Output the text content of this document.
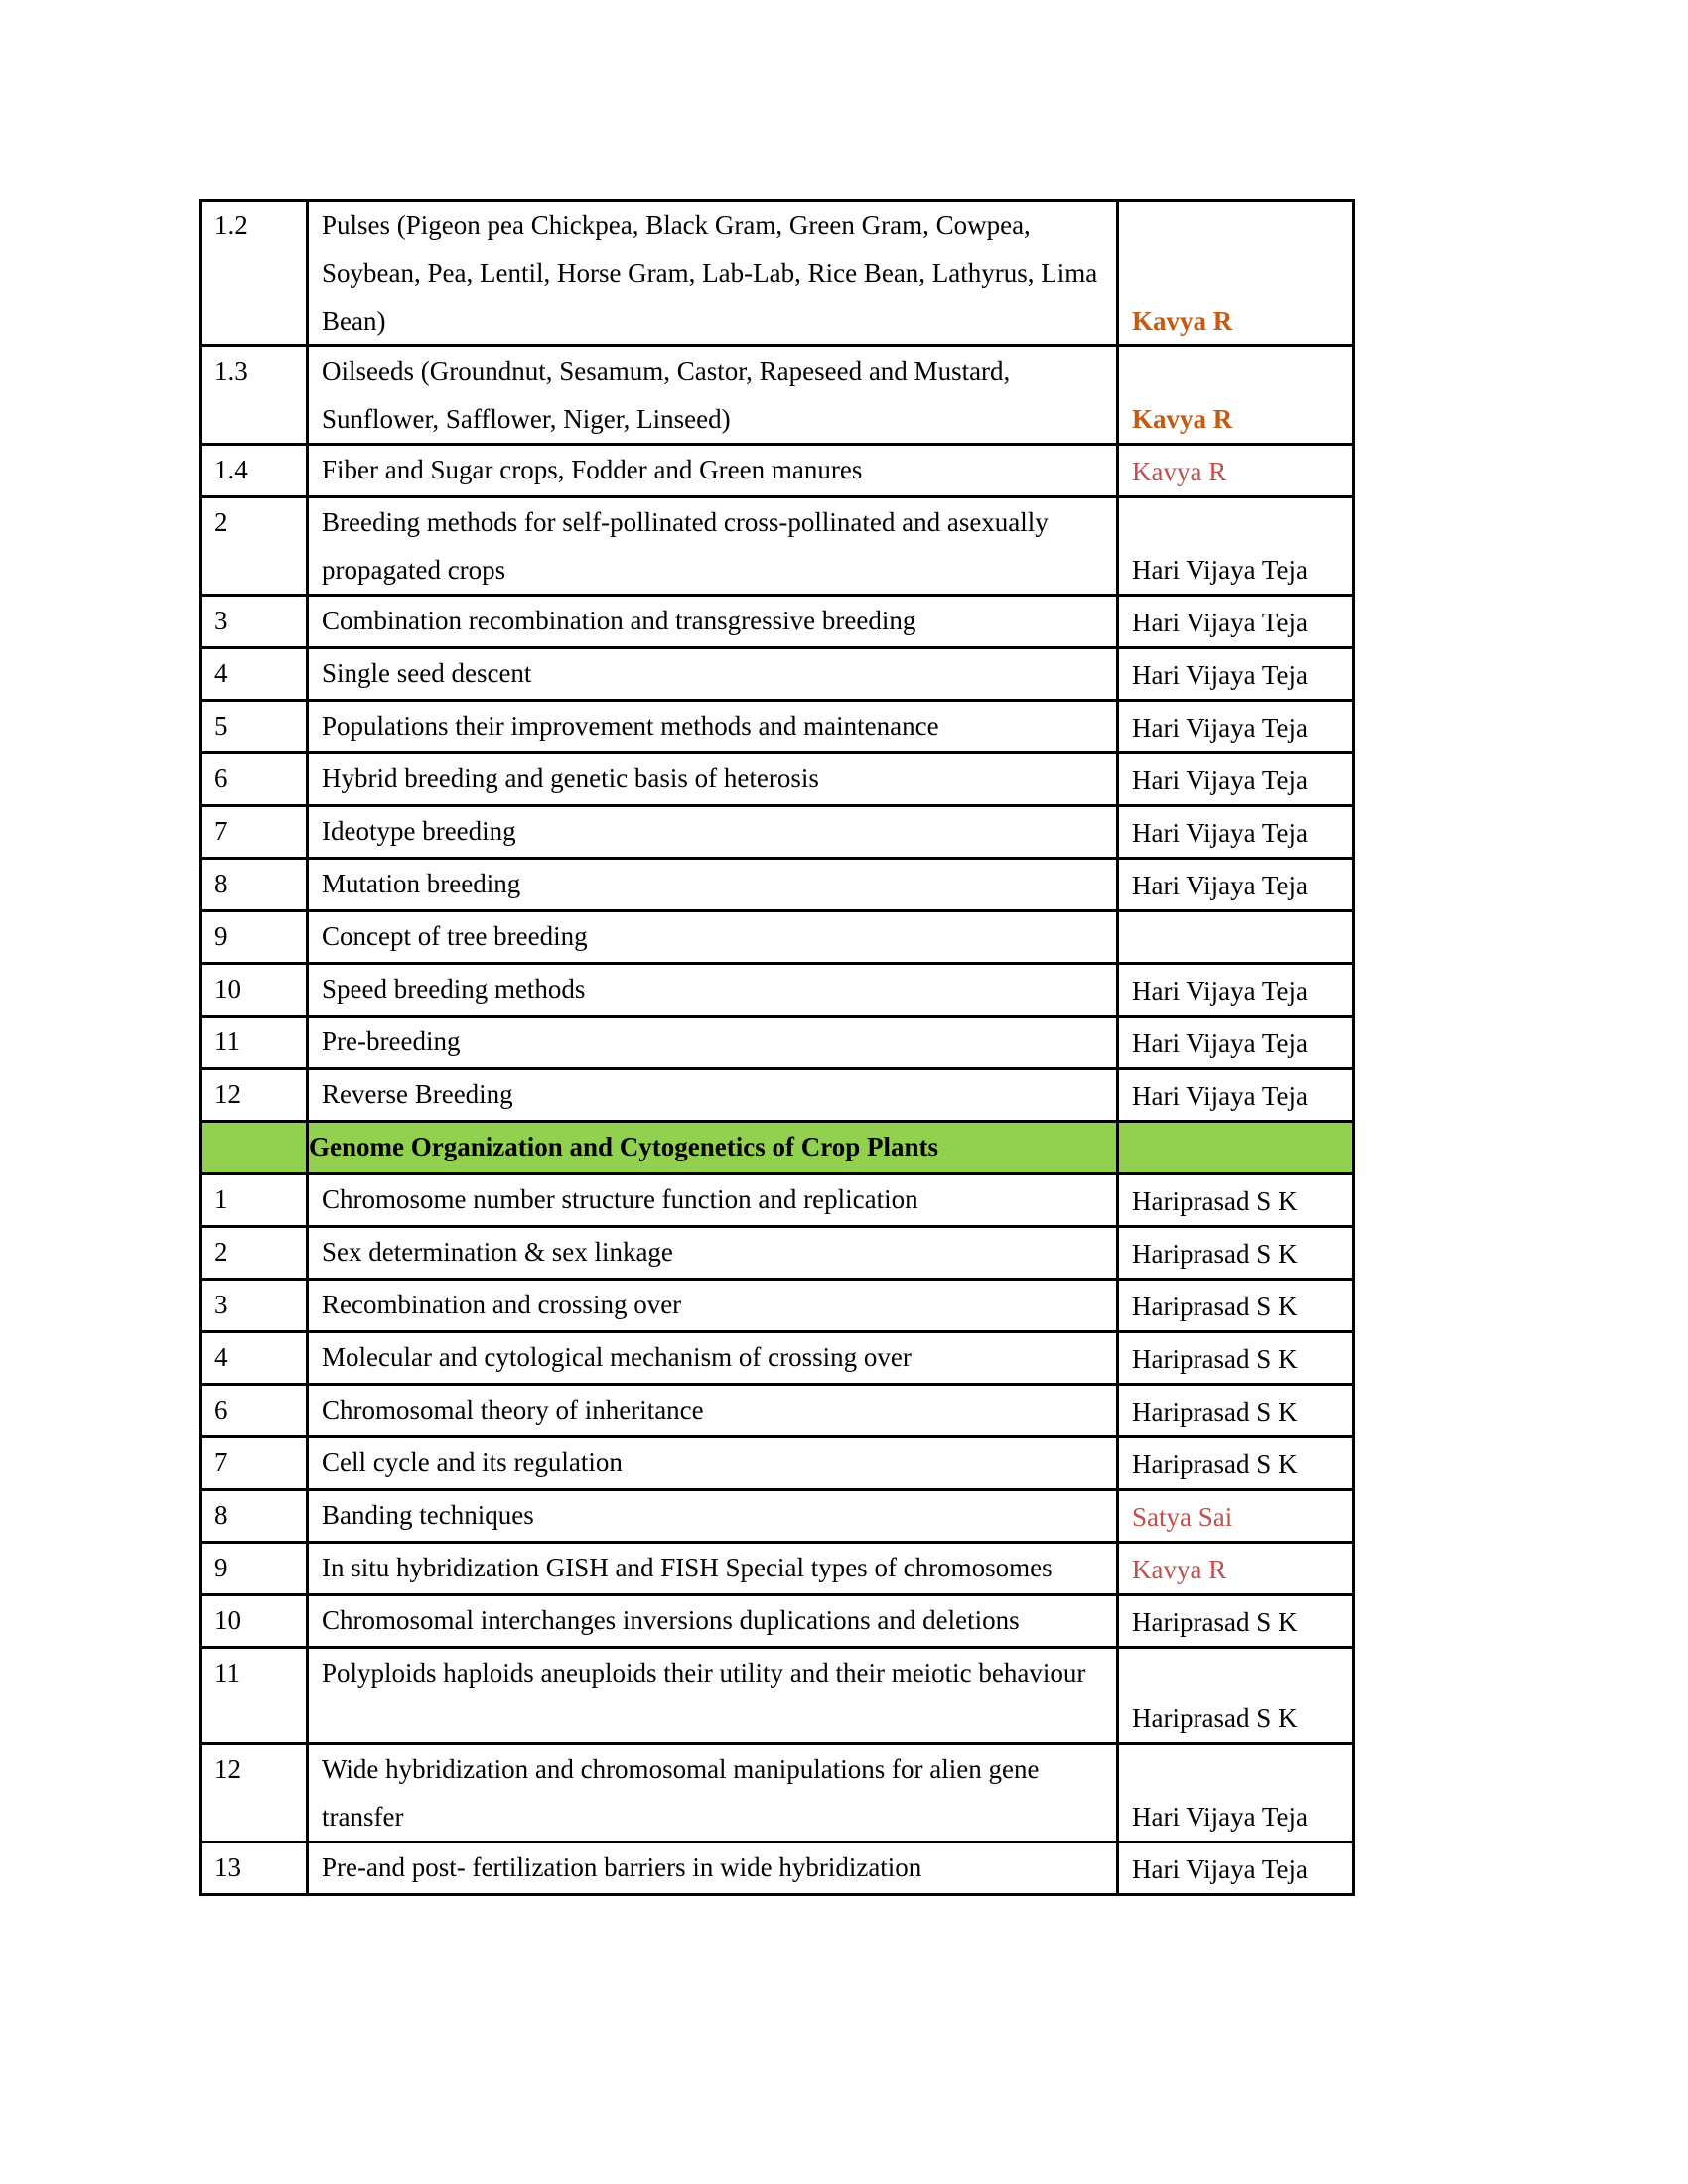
1.2	Pulses (Pigeon pea Chickpea, Black Gram, Green Gram, Cowpea, Soybean, Pea, Lentil, Horse Gram, Lab-Lab, Rice Bean, Lathyrus, Lima Bean)	Kavya R
1.3	Oilseeds (Groundnut, Sesamum, Castor, Rapeseed and Mustard, Sunflower, Safflower, Niger, Linseed)	Kavya R
1.4	Fiber and Sugar crops, Fodder and Green manures	Kavya R
2	Breeding methods for self-pollinated cross-pollinated and asexually propagated crops	Hari Vijaya Teja
3	Combination recombination and transgressive breeding	Hari Vijaya Teja
4	Single seed descent	Hari Vijaya Teja
5	Populations their improvement methods and maintenance	Hari Vijaya Teja
6	Hybrid breeding and genetic basis of heterosis	Hari Vijaya Teja
7	Ideotype breeding	Hari Vijaya Teja
8	Mutation breeding	Hari Vijaya Teja
9	Concept of tree breeding	
10	Speed breeding methods	Hari Vijaya Teja
11	Pre-breeding	Hari Vijaya Teja
12	Reverse Breeding	Hari Vijaya Teja
	Genome Organization and Cytogenetics of Crop Plants	
1	Chromosome number structure function and replication	Hariprasad S K
2	Sex determination & sex linkage	Hariprasad S K
3	Recombination and crossing over	Hariprasad S K
4	Molecular and cytological mechanism of crossing over	Hariprasad S K
6	Chromosomal theory of inheritance	Hariprasad S K
7	Cell cycle and its regulation	Hariprasad S K
8	Banding techniques	Satya Sai
9	In situ hybridization GISH and FISH Special types of chromosomes	Kavya R
10	Chromosomal interchanges inversions duplications and deletions	Hariprasad S K
11	Polyploids haploids aneuploids their utility and their meiotic behaviour	Hariprasad S K
12	Wide hybridization and chromosomal manipulations for alien gene transfer	Hari Vijaya Teja
13	Pre-and post- fertilization barriers in wide hybridization	Hari Vijaya Teja
